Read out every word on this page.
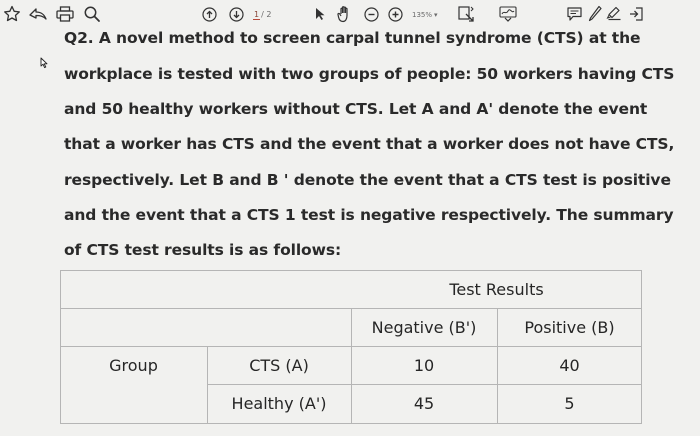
1 / 2	135% ▾
Q2. A novel method to screen carpal tunnel syndrome (CTS) at the
workplace is tested with two groups of people: 50 workers having CTS
and 50 healthy workers without CTS. Let A and A' denote the event
that a worker has CTS and the event that a worker does not have CTS,
respectively. Let B and B ' denote the event that a CTS test is positive
and the event that a CTS 1 test is negative respectively. The summary
of CTS test results is as follows:
Test Results
Negative (B')	Positive (B)
Group	CTS (A)	10	40
Healthy (A')	45	5
